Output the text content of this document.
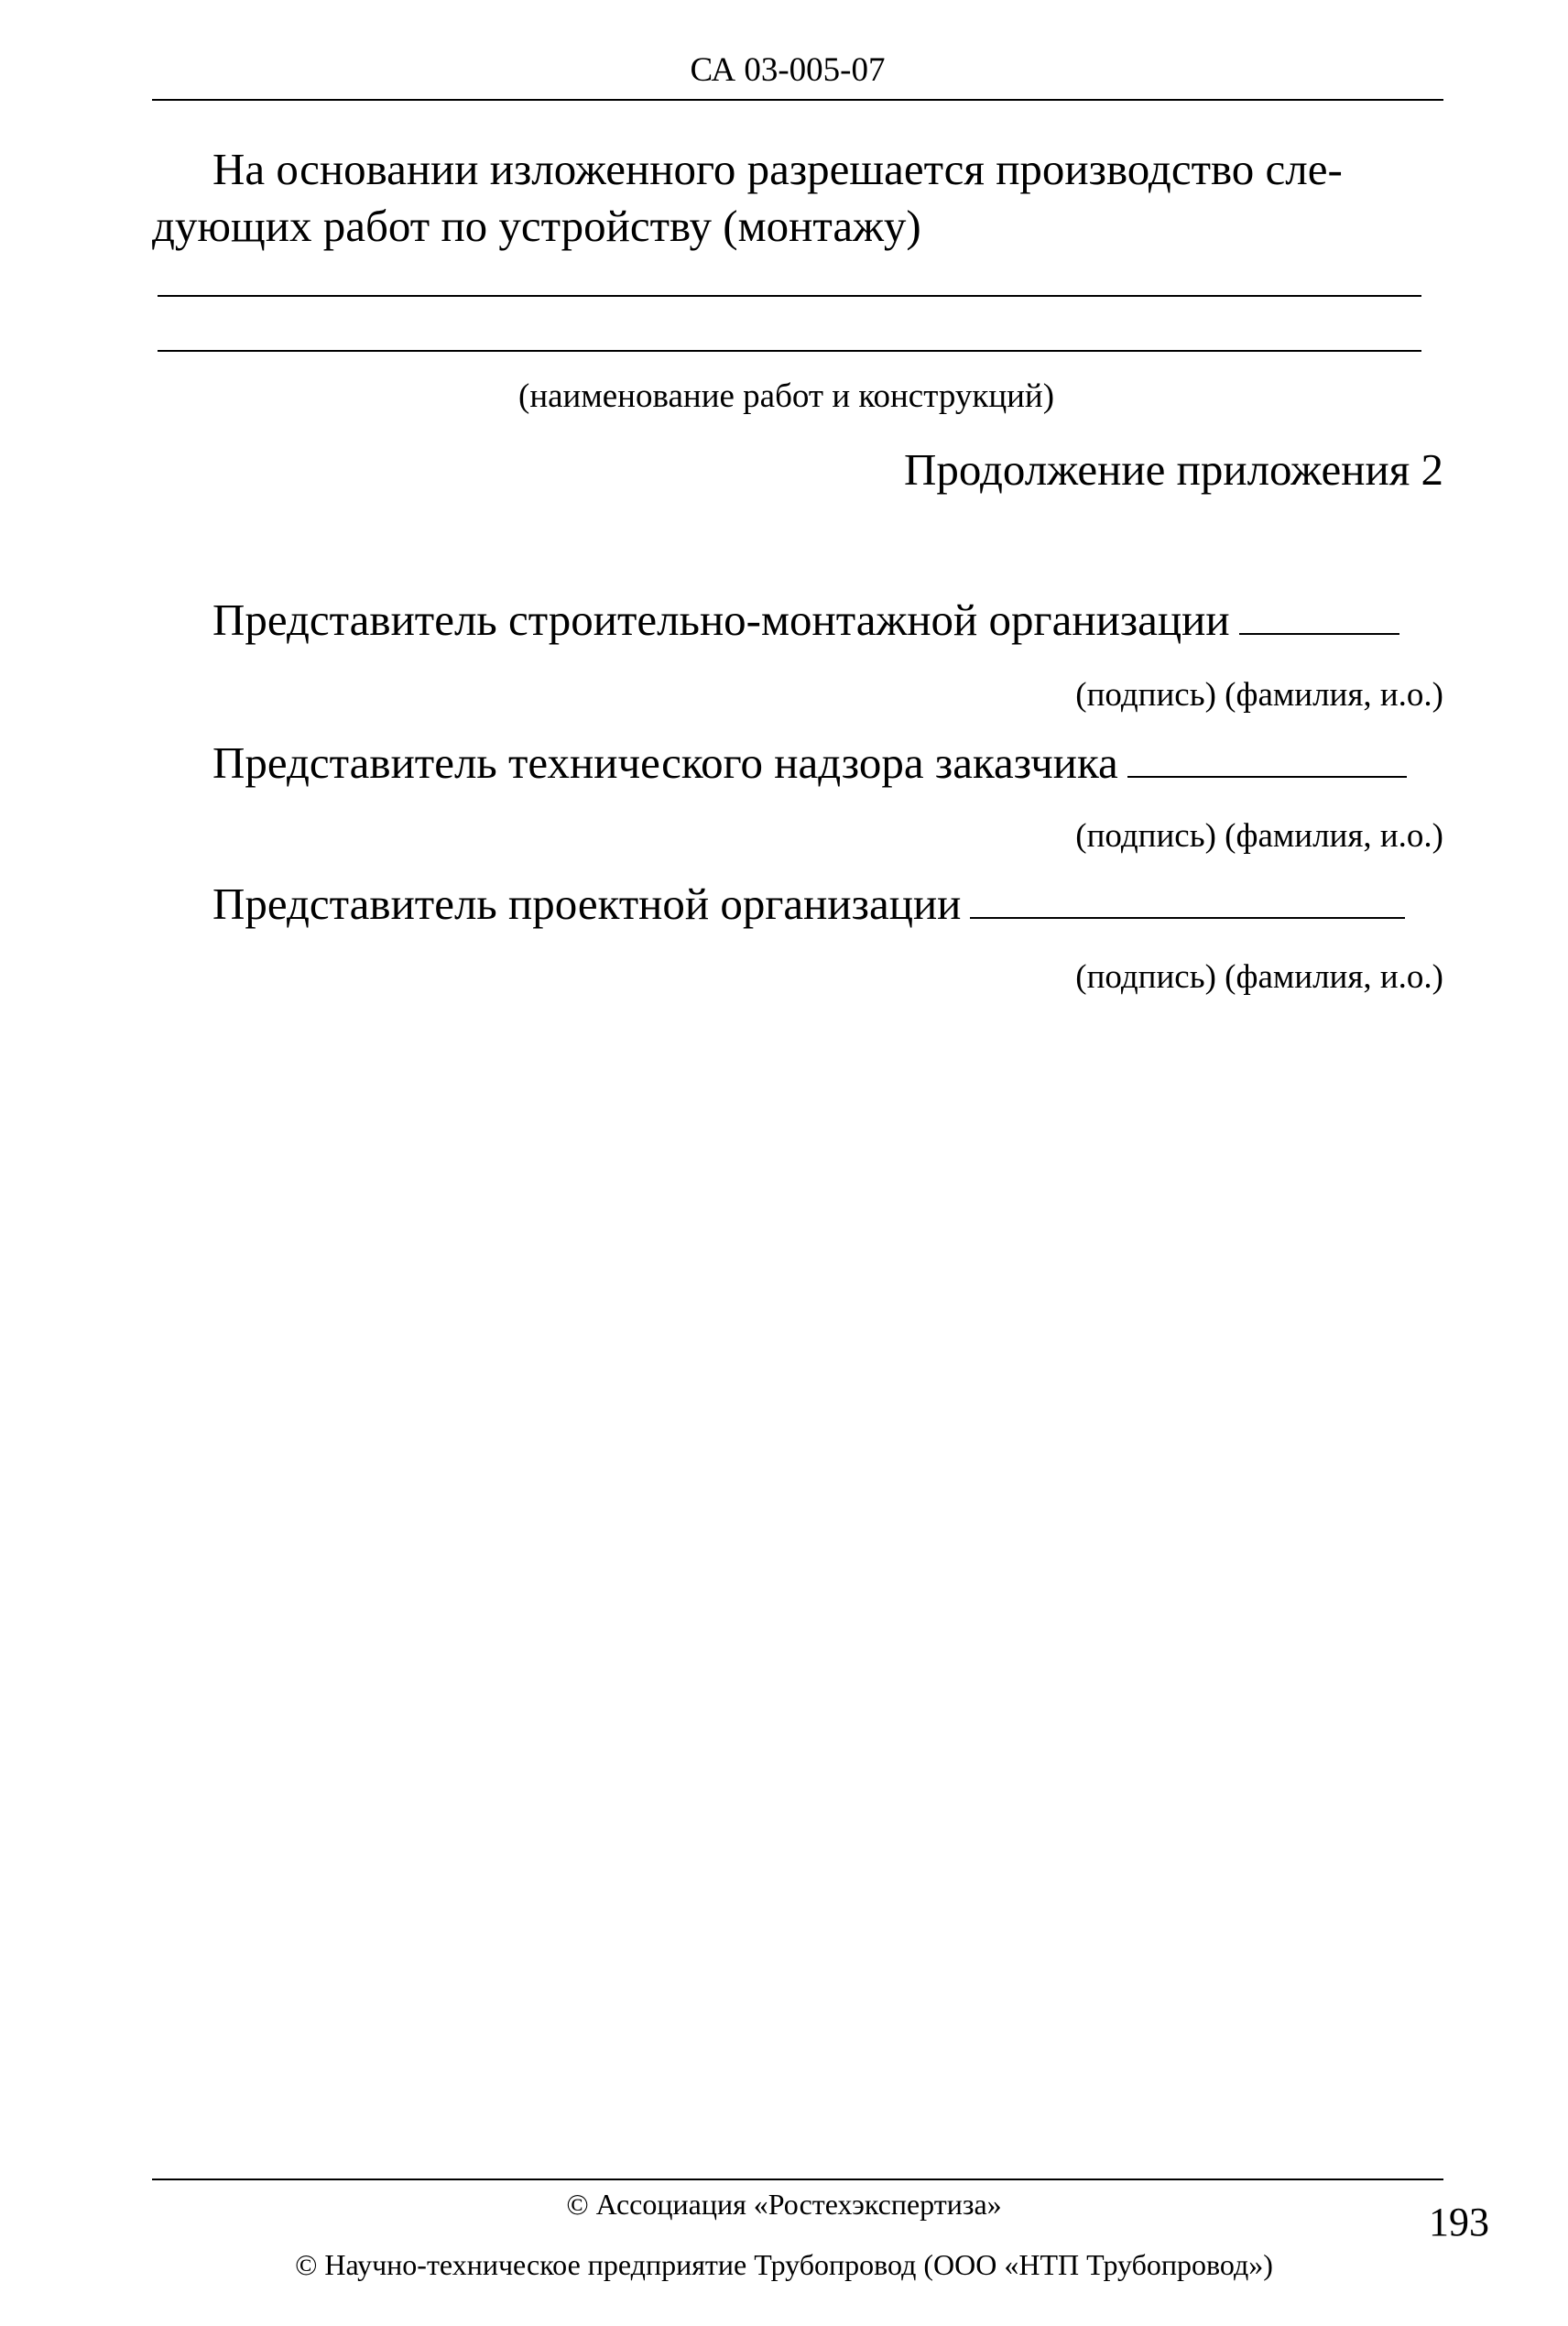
СА 03-005-07
На основании изложенного разрешается производство сле-
дующих работ по устройству (монтажу)
(наименование работ и конструкций)
Продолжение приложения 2
Представитель строительно-монтажной организации
(подпись) (фамилия, и.о.)
Представитель технического надзора заказчика
(подпись) (фамилия, и.о.)
Представитель проектной организации
(подпись) (фамилия, и.о.)
© Ассоциация «Ростехэкспертиза»
© Научно-техническое предприятие Трубопровод (ООО «НТП Трубопровод»)
193
